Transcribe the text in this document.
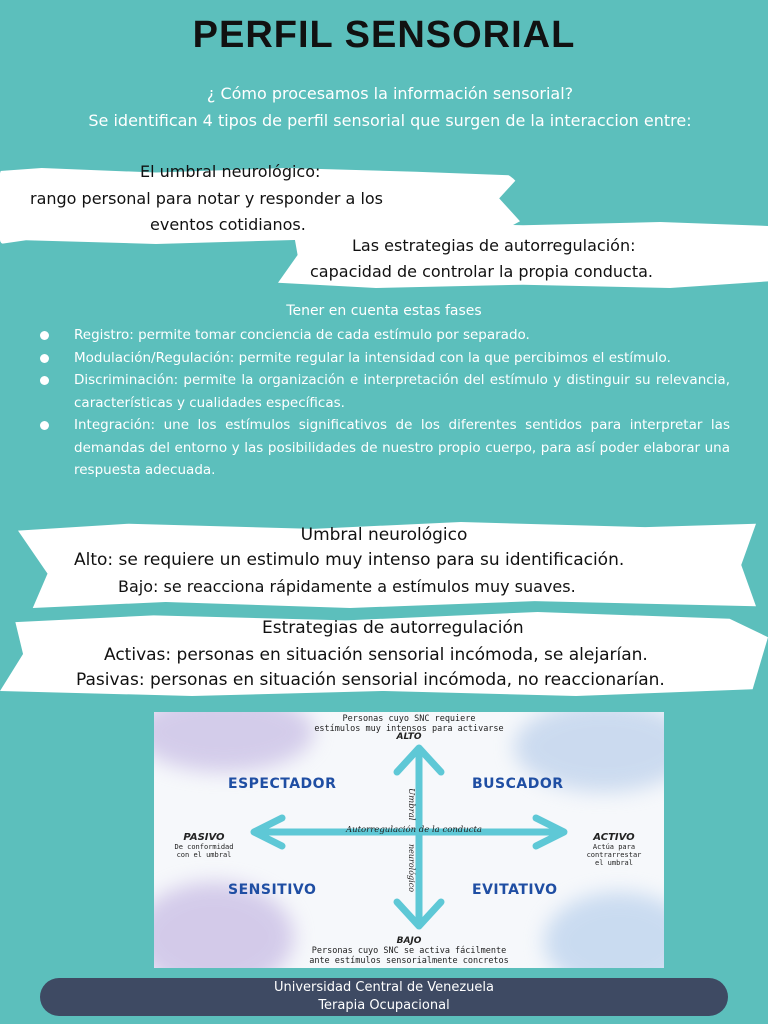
PERFIL SENSORIAL
¿ Cómo procesamos la información sensorial?
Se identifican 4 tipos de perfil sensorial que surgen de la interaccion entre:
El umbral neurológico:
rango personal para notar y responder a los
eventos cotidianos.
Las estrategias de autorregulación:
capacidad de controlar la propia conducta.
Tener en cuenta estas fases
Registro: permite tomar conciencia de cada estímulo por separado.
Modulación/Regulación: permite regular la intensidad con la que percibimos el estímulo.
Discriminación: permite la organización e interpretación del estímulo y distinguir su relevancia, características y cualidades específicas.
Integración: une los estímulos significativos de los diferentes sentidos para interpretar las demandas del entorno y las posibilidades de nuestro propio cuerpo, para así poder elaborar una respuesta adecuada.
Umbral neurológico
Alto: se requiere un estimulo muy intenso para su identificación.
Bajo: se reacciona rápidamente a estímulos muy suaves.
Estrategias de autorregulación
Activas: personas en situación sensorial incómoda, se alejarían.
Pasivas: personas en situación sensorial incómoda, no reaccionarían.
Personas cuyo SNC requiere
estímulos muy intensos para activarse
ALTO
ESPECTADOR	BUSCADOR
SENSITIVO	EVITATIVO
PASIVO
De conformidad
con el umbral
ACTIVO
Actúa para
contrarrestar
el umbral
Autorregulación de la conducta
Umbral
neurológico
BAJO
Personas cuyo SNC se activa fácilmente
ante estímulos sensorialmente concretos
Universidad Central de Venezuela
Terapia Ocupacional
